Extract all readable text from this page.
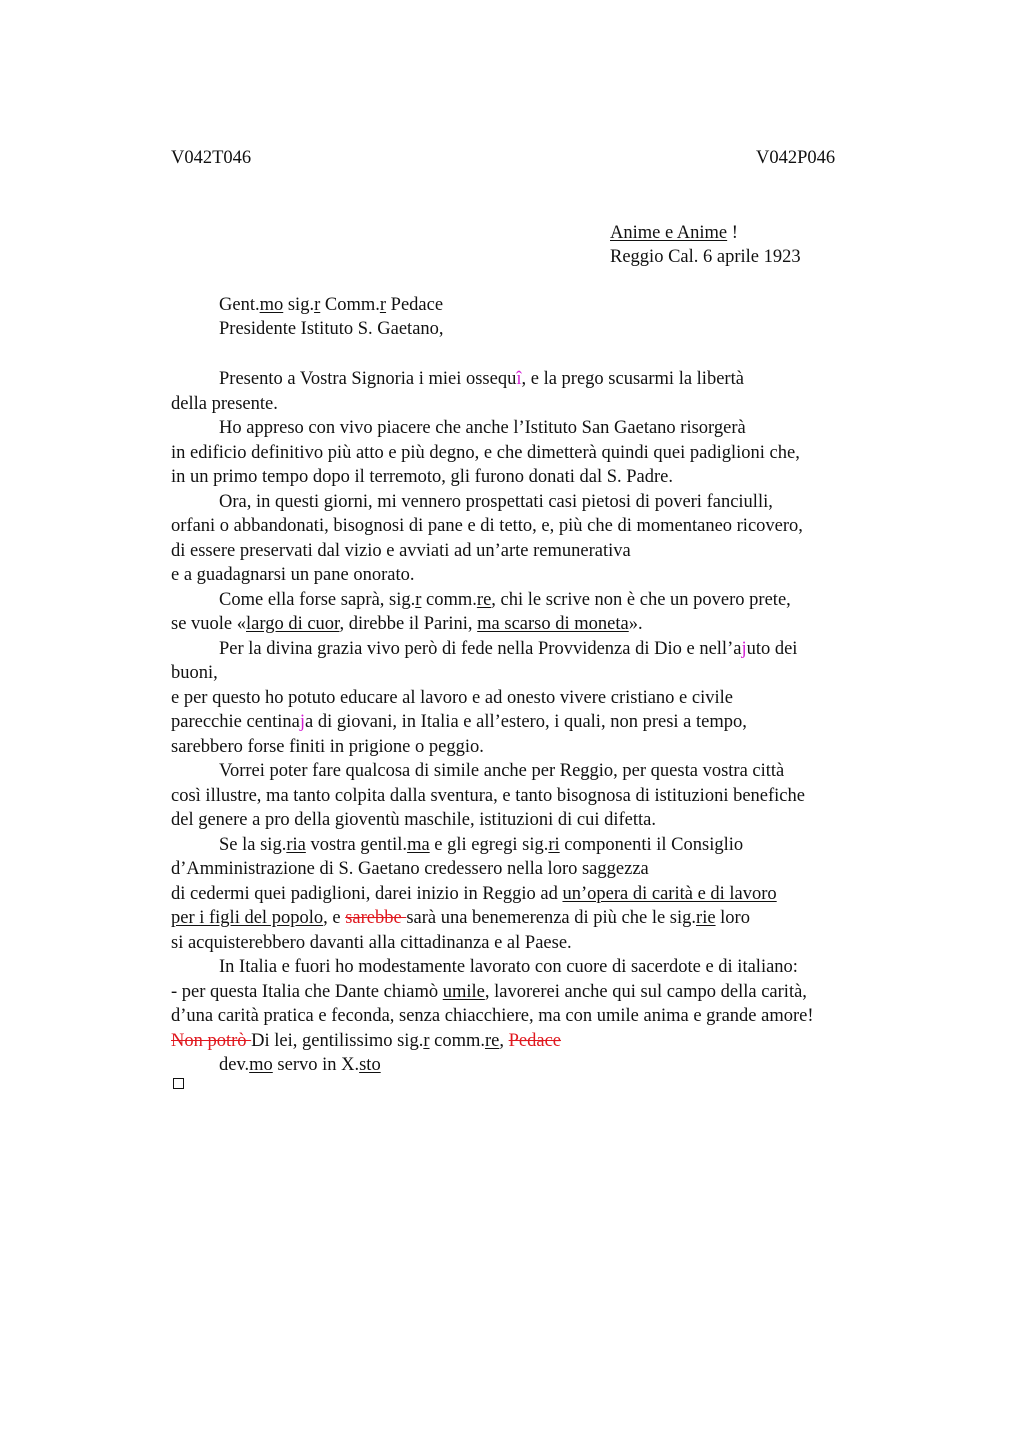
V042T046	V042P046
Anime e Anime !
Reggio Cal. 6 aprile 1923
Gent.mo sig.r Comm.r Pedace
Presidente Istituto S. Gaetano,
Presento a Vostra Signoria i miei ossequî, e la prego scusarmi la libertà
della presente.
Ho appreso con vivo piacere che anche l’Istituto San Gaetano risorgerà
in edificio definitivo più atto e più degno, e che dimetterà quindi quei padiglioni che,
in un primo tempo dopo il terremoto, gli furono donati dal S. Padre.
Ora, in questi giorni, mi vennero prospettati casi pietosi di poveri fanciulli,
orfani o abbandonati, bisognosi di pane e di tetto, e, più che di momentaneo ricovero,
di essere preservati dal vizio e avviati ad un’arte remunerativa
e a guadagnarsi un pane onorato.
Come ella forse saprà, sig.r comm.re, chi le scrive non è che un povero prete,
se vuole «largo di cuor, direbbe il Parini, ma scarso di moneta».
Per la divina grazia vivo però di fede nella Provvidenza di Dio e nell’ajuto dei
buoni,
e per questo ho potuto educare al lavoro e ad onesto vivere cristiano e civile
parecchie centinaja di giovani, in Italia e all’estero, i quali, non presi a tempo,
sarebbero forse finiti in prigione o peggio.
Vorrei poter fare qualcosa di simile anche per Reggio, per questa vostra città
così illustre, ma tanto colpita dalla sventura, e tanto bisognosa di istituzioni benefiche
del genere a pro della gioventù maschile, istituzioni di cui difetta.
Se la sig.ria vostra gentil.ma e gli egregi sig.ri componenti il Consiglio
d’Amministrazione di S. Gaetano credessero nella loro saggezza
di cedermi quei padiglioni, darei inizio in Reggio ad un’opera di carità e di lavoro
per i figli del popolo, e sarebbe sarà una benemerenza di più che le sig.rie loro
si acquisterebbero davanti alla cittadinanza e al Paese.
In Italia e fuori ho modestamente lavorato con cuore di sacerdote e di italiano:
- per questa Italia che Dante chiamò umile, lavorerei anche qui sul campo della carità,
d’una carità pratica e feconda, senza chiacchiere, ma con umile anima e grande amore!
Non potrò Di lei, gentilissimo sig.r comm.re, Pedace
dev.mo servo in X.sto
